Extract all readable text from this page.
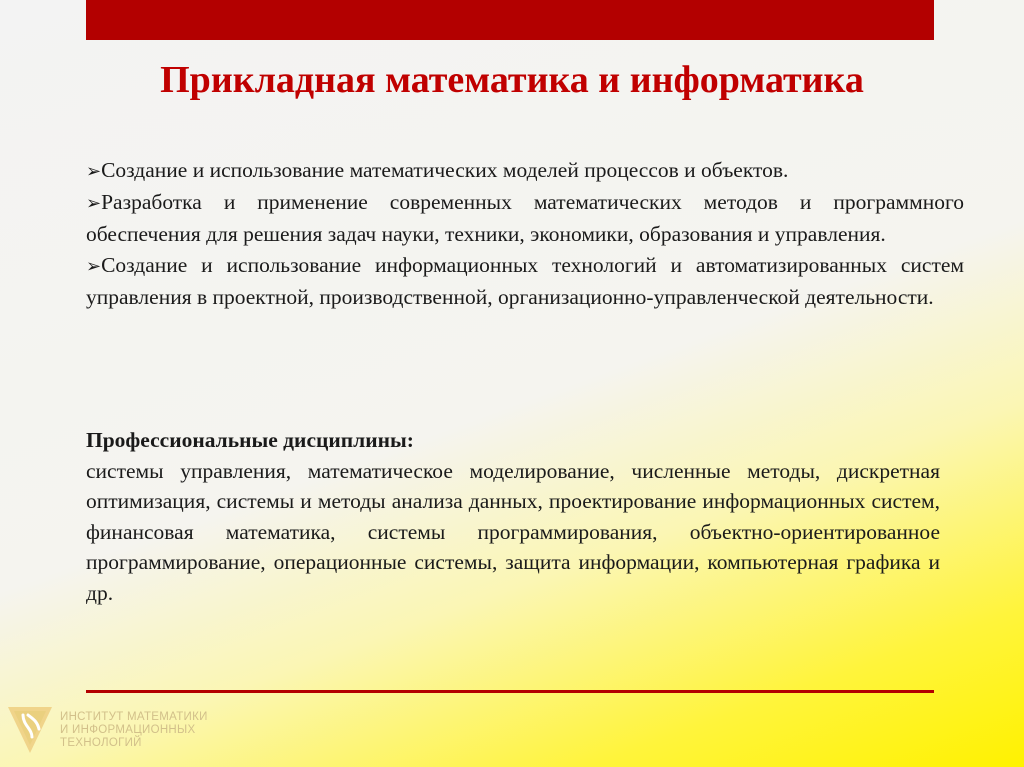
Прикладная математика и информатика

➢Создание и использование математических моделей процессов и объектов.

➢Разработка и применение современных математических методов и программного обеспечения для решения задач науки, техники, экономики, образования и управления.

➢Создание и использование информационных технологий и автоматизированных систем управления в проектной, производственной, организационно-управленческой деятельности.

Профессиональные дисциплины:

системы управления, математическое моделирование, численные методы, дискретная оптимизация, системы и методы анализа данных, проектирование информационных систем, финансовая математика, системы программирования, объектно-ориентированное программирование, операционные системы, защита информации, компьютерная графика и др.

ИНСТИТУТ МАТЕМАТИКИ
И ИНФОРМАЦИОННЫХ
ТЕХНОЛОГИЙ
